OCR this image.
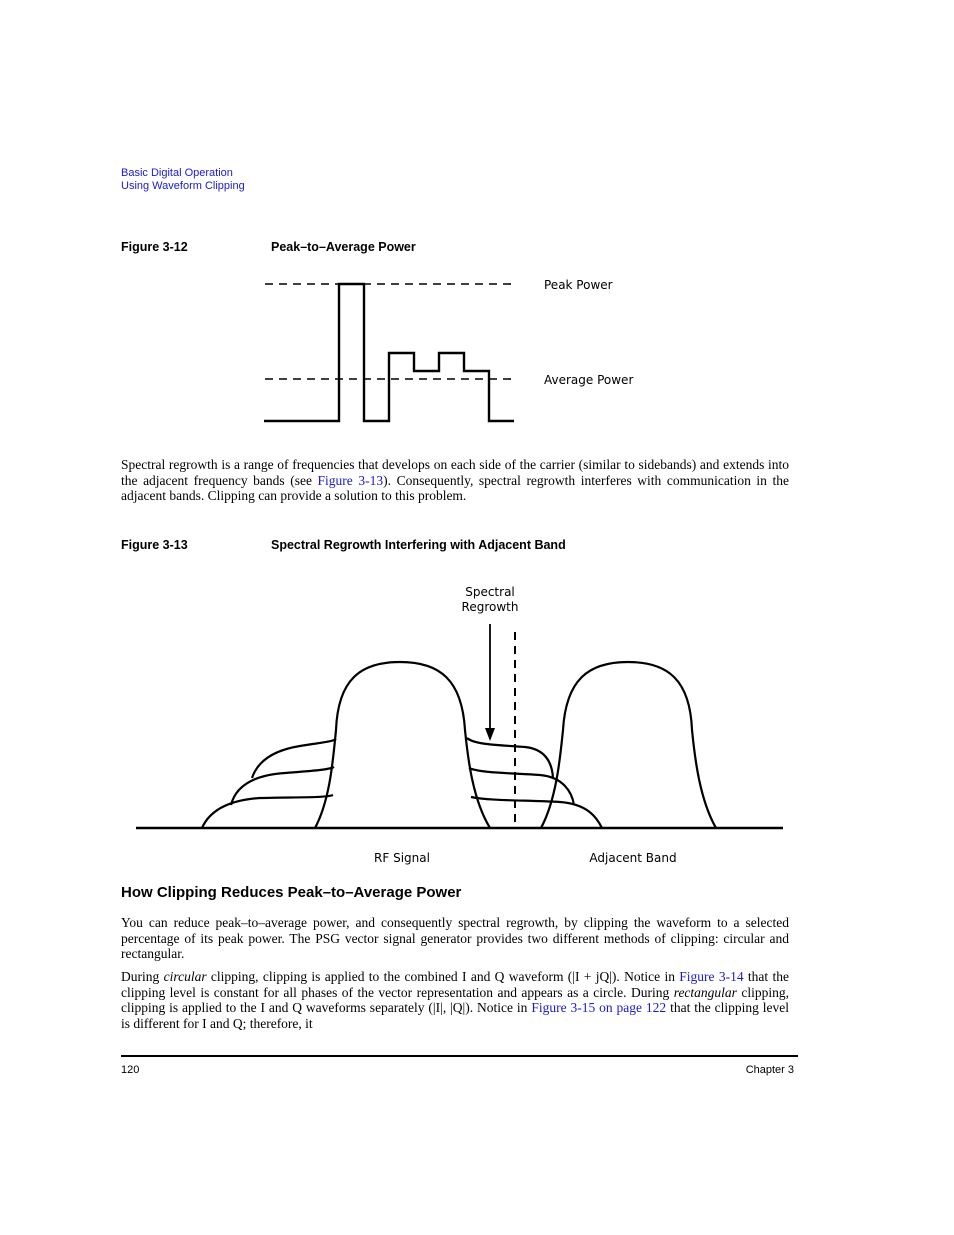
Basic Digital Operation
Using Waveform Clipping
Figure 3-12	Peak–to–Average Power
Peak Power
Average Power
Spectral regrowth is a range of frequencies that develops on each side of the carrier (similar to sidebands) and extends into the adjacent frequency bands (see Figure 3-13). Consequently, spectral regrowth interferes with communication in the adjacent bands. Clipping can provide a solution to this problem.
Figure 3-13	Spectral Regrowth Interfering with Adjacent Band
Spectral
Regrowth
RF Signal	Adjacent Band
How Clipping Reduces Peak–to–Average Power
You can reduce peak–to–average power, and consequently spectral regrowth, by clipping the waveform to a selected percentage of its peak power. The PSG vector signal generator provides two different methods of clipping: circular and rectangular.
During circular clipping, clipping is applied to the combined I and Q waveform (|I + jQ|). Notice in Figure 3-14 that the clipping level is constant for all phases of the vector representation and appears as a circle. During rectangular clipping, clipping is applied to the I and Q waveforms separately (|I|, |Q|). Notice in Figure 3-15 on page 122 that the clipping level is different for I and Q; therefore, it
120	Chapter 3
